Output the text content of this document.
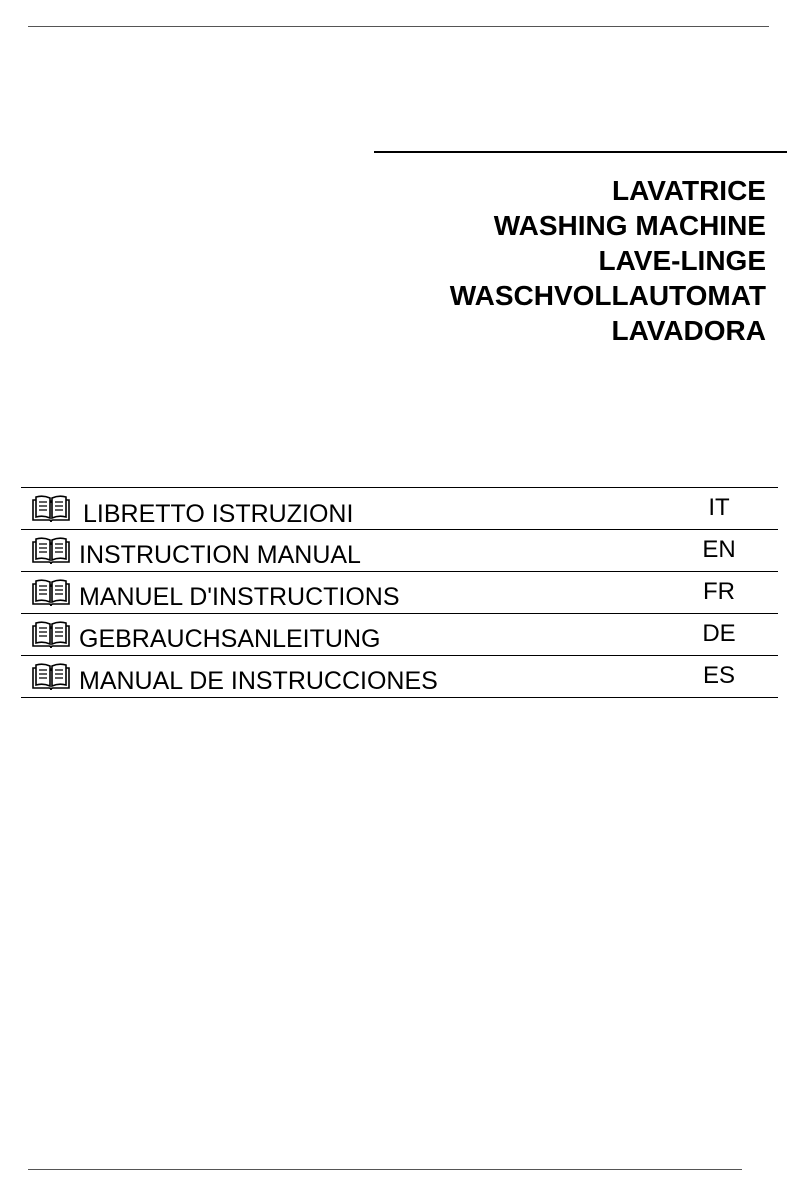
LAVATRICE
WASHING MACHINE
LAVE-LINGE
WASCHVOLLAUTOMAT
LAVADORA
LIBRETTO ISTRUZIONI	IT
INSTRUCTION MANUAL	EN
MANUEL D'INSTRUCTIONS	FR
GEBRAUCHSANLEITUNG	DE
MANUAL DE INSTRUCCIONES	ES
